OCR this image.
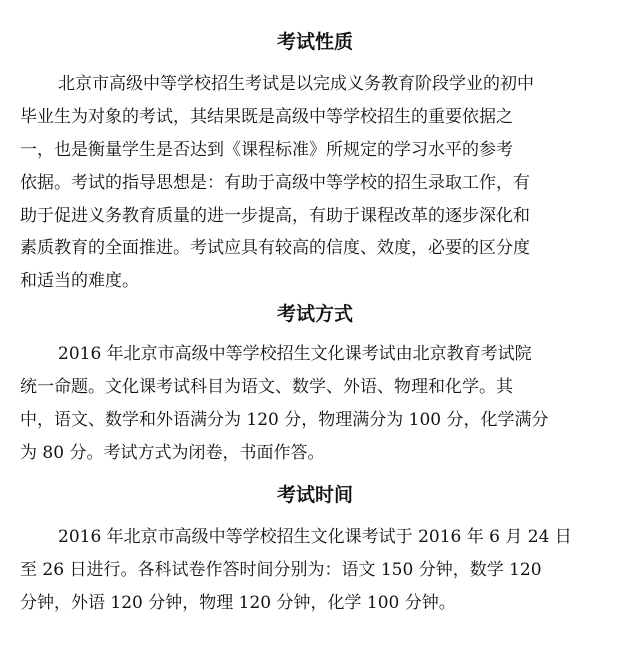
考试性质
北京市高级中等学校招生考试是以完成义务教育阶段学业的初中
毕业生为对象的考试，其结果既是高级中等学校招生的重要依据之
一，也是衡量学生是否达到《课程标准》所规定的学习水平的参考
依据。考试的指导思想是：有助于高级中等学校的招生录取工作，有
助于促进义务教育质量的进一步提高，有助于课程改革的逐步深化和
素质教育的全面推进。考试应具有较高的信度、效度，必要的区分度
和适当的难度。
考试方式
2016 年北京市高级中等学校招生文化课考试由北京教育考试院
统一命题。文化课考试科目为语文、数学、外语、物理和化学。其
中，语文、数学和外语满分为 120 分，物理满分为 100 分，化学满分
为 80 分。考试方式为闭卷，书面作答。
考试时间
2016 年北京市高级中等学校招生文化课考试于 2016 年 6 月 24 日
至 26 日进行。各科试卷作答时间分别为：语文 150 分钟，数学 120
分钟，外语 120 分钟，物理 120 分钟，化学 100 分钟。
